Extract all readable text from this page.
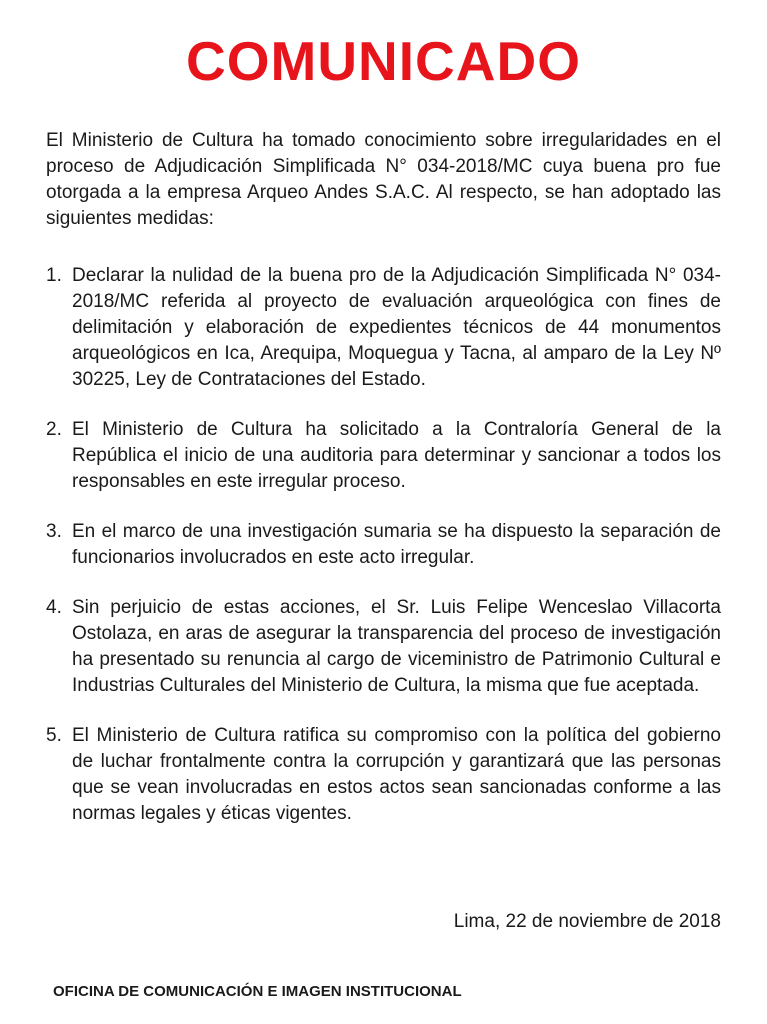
COMUNICADO

El Ministerio de Cultura ha tomado conocimiento sobre irregularidades en el proceso de Adjudicación Simplificada N° 034-2018/MC cuya buena pro fue otorgada a la empresa Arqueo Andes S.A.C. Al respecto, se han adoptado las siguientes medidas:

1. Declarar la nulidad de la buena pro de la Adjudicación Simplificada N° 034-2018/MC referida al proyecto de evaluación arqueológica con fines de delimitación y elaboración de expedientes técnicos de 44 monumentos arqueológicos en Ica, Arequipa, Moquegua y Tacna, al amparo de la Ley Nº 30225, Ley de Contrataciones del Estado.
2. El Ministerio de Cultura ha solicitado a la Contraloría General de la República el inicio de una auditoria para determinar y sancionar a todos los responsables en este irregular proceso.
3. En el marco de una investigación sumaria se ha dispuesto la separación de funcionarios involucrados en este acto irregular.
4. Sin perjuicio de estas acciones, el Sr. Luis Felipe Wenceslao Villacorta Ostolaza, en aras de asegurar la transparencia del proceso de investigación ha presentado su renuncia al cargo de viceministro de Patrimonio Cultural e Industrias Culturales del Ministerio de Cultura, la misma que fue aceptada.
5. El Ministerio de Cultura ratifica su compromiso con la política del gobierno de luchar frontalmente contra la corrupción y garantizará que las personas que se vean involucradas en estos actos sean sancionadas conforme a las normas legales y éticas vigentes.

Lima, 22 de noviembre de 2018

OFICINA DE COMUNICACIÓN E IMAGEN INSTITUCIONAL
